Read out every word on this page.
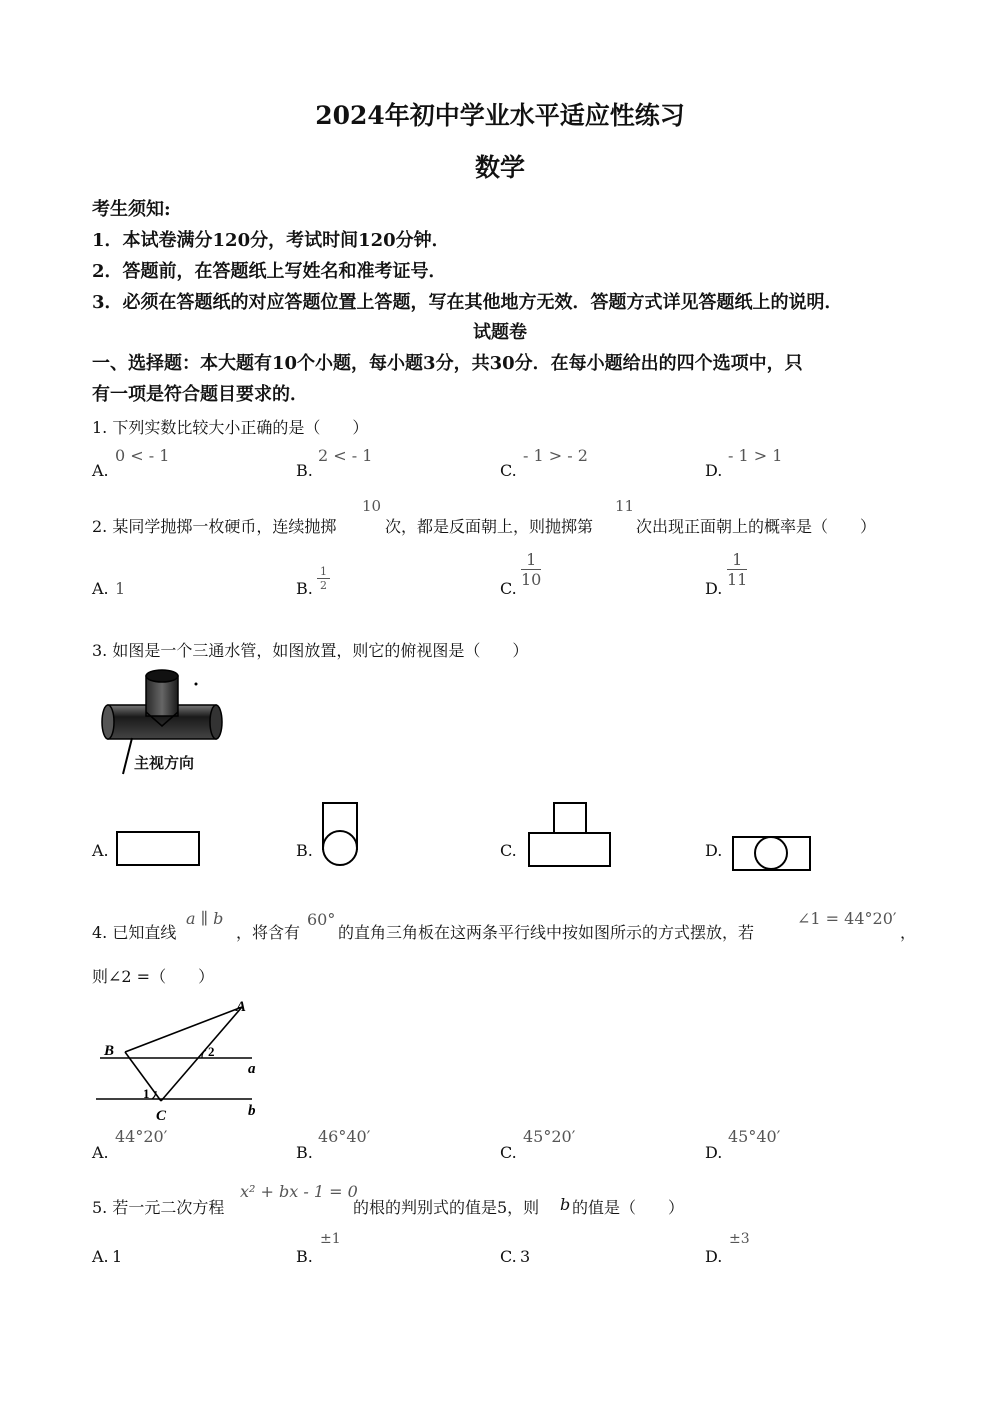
2024年初中学业水平适应性练习
数学
考生须知:
1．本试卷满分120分，考试时间120分钟．
2．答题前，在答题纸上写姓名和准考证号．
3．必须在答题纸的对应答题位置上答题，写在其他地方无效．答题方式详见答题纸上的说明．
试题卷
一、选择题：本大题有10个小题，每小题3分，共30分．在每小题给出的四个选项中，只
有一项是符合题目要求的．
1. 下列实数比较大小正确的是（　　）
A.
0 < - 1
B.
2 < - 1
C.
- 1 > - 2
D.
- 1 > 1
2. 某同学抛掷一枚硬币，连续抛掷
10
次，都是反面朝上，则抛掷第
11
次出现正面朝上的概率是（　　）
A. 1	B. $\frac{1}{2}$	C. $\frac{1}{10}$	D. $\frac{1}{11}$
3. 如图是一个三通水管，如图放置，则它的俯视图是（　　）
主视方向
A.	B.	C.	D.
4. 已知直线
a ∥ b
，将含有
60°
的直角三角板在这两条平行线中按如图所示的方式摆放，若
∠1 = 44°20′
，
则∠2 =（　　）
A
B
C
a
b
1
2
A.
44°20′
B.
46°40′
C.
45°20′
D.
45°40′
5. 若一元二次方程
x² + bx - 1 = 0
的根的判别式的值是5，则 b 的值是（　　）
A. 1	B.
±1
C. 3	D.
±3
